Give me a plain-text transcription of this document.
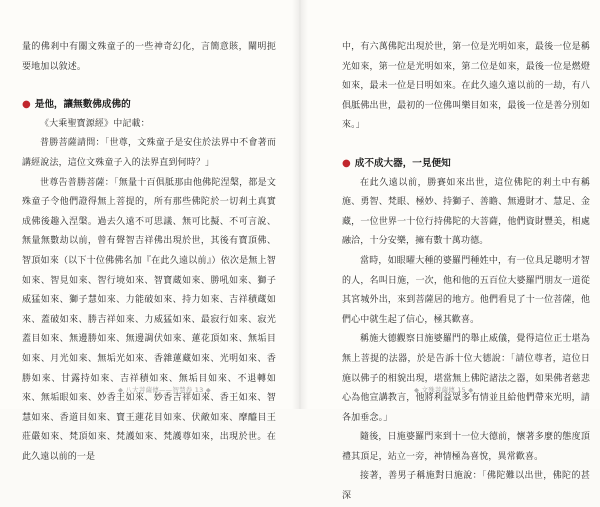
量的佛剎中有關文殊童子的一些神奇幻化，言簡意賅，闡明扼要地加以敘述。

● 是他，讓無數佛成佛的

《大乘聖寶源經》中記載：

普勝菩薩請問：「世尊，文殊童子是安住於法界中不會著而講經說法，這位文殊童子入的法界直到何時？」

世尊告普勝菩薩：「無量十百俱胝那由他佛陀涅槃，都是文殊童子令他們證得無上菩提的，所有那些佛陀於一切剎土真實成佛後趣入涅槃。過去久遠不可思議、無可比擬、不可言說、無量無數劫以前，曾有聲智吉祥佛出現於世，其後有寶頂佛、智頂如來（以下十位佛佛名加『在此久遠以前』）依次是無上智如來、智見如來、智行境如來、智寶蔵如來、勝吼如來、獅子威猛如來、獅子慧如來、力能破如來、持力如來、吉祥積蔵如來、蓋破如來、勝吉祥如來、力威猛如來、最寂行如來、寂光蓋目如來、無邊勝如來、無邊調伏如來、蓮花頂如來、無垢目如來、月光如來、無垢光如來、香雜蓮藏如來、光明如來、香勝如來、甘露持如來、吉祥積如來、無垢目如來、不退轉如來、無垢眼如來、妙香王如來、妙香吉祥如來、香王如來、智慧如來、香道目如來、寶王蓮花目如來、伏敵如來、摩醯目王莊嚴如來、梵頂如來、梵護如來、梵護尊如來，出現於世。在此久遠以前的一是

中，有六萬佛陀出現於世，第一位是光明如來，最後一位是稱光如來，第一位是光明如來，第二位是如來，最後一位是燃燈如來，最未一位是日明如來。在此久遠久遠以前的一劫，有八俱胝佛出世，最初的一位佛叫樂目如來，最後一位是善分別如來。」

● 成不成大器，一見便知

在此久遠以前，勝賽如來出世，這位佛陀的剎土中有稱施、勇智、梵眼、極妙、持獅子、善瞻、無邊財才、慧足、金藏，一位世界一十位行持佛陀的大菩薩，他們資財豐美，相處融洽，十分安樂，擁有數十萬功德。

當時，如眼曜大種的婆羅門種姓中，有一位具足聰明才智的人，名叫日施，一次，他和他的五百位大婆羅門朋友一道從其宮城外出，來到菩薩居的地方。他們看見了十一位菩薩，他們心中就生起了信心，極其歡喜。

稱施大德觀察日施婆羅門的舉止威儀，覺得這位正士堪為無上菩提的法器，於是告訴十位大德說：「請位尊者，這位日施以佛子的相貌出現，堪當無上佛陀諸法之器，如果佛者慈悲心為他宣講教言，他將利益眾多有情並且給他們帶來光明，請各加垂念。」

隨後，日施婆羅門來到十一位大德前，懷著多麼的態度頂禮其頂足，站立一旁，神情極為喜悅，異常歡喜。

接著，善男子稱施對日施說：「佛陀難以出世，佛陀的甚深

◆ 八大菩薩傳——智慧卷 13 ◆	◆ 文殊菩薩傳 15 ◆
